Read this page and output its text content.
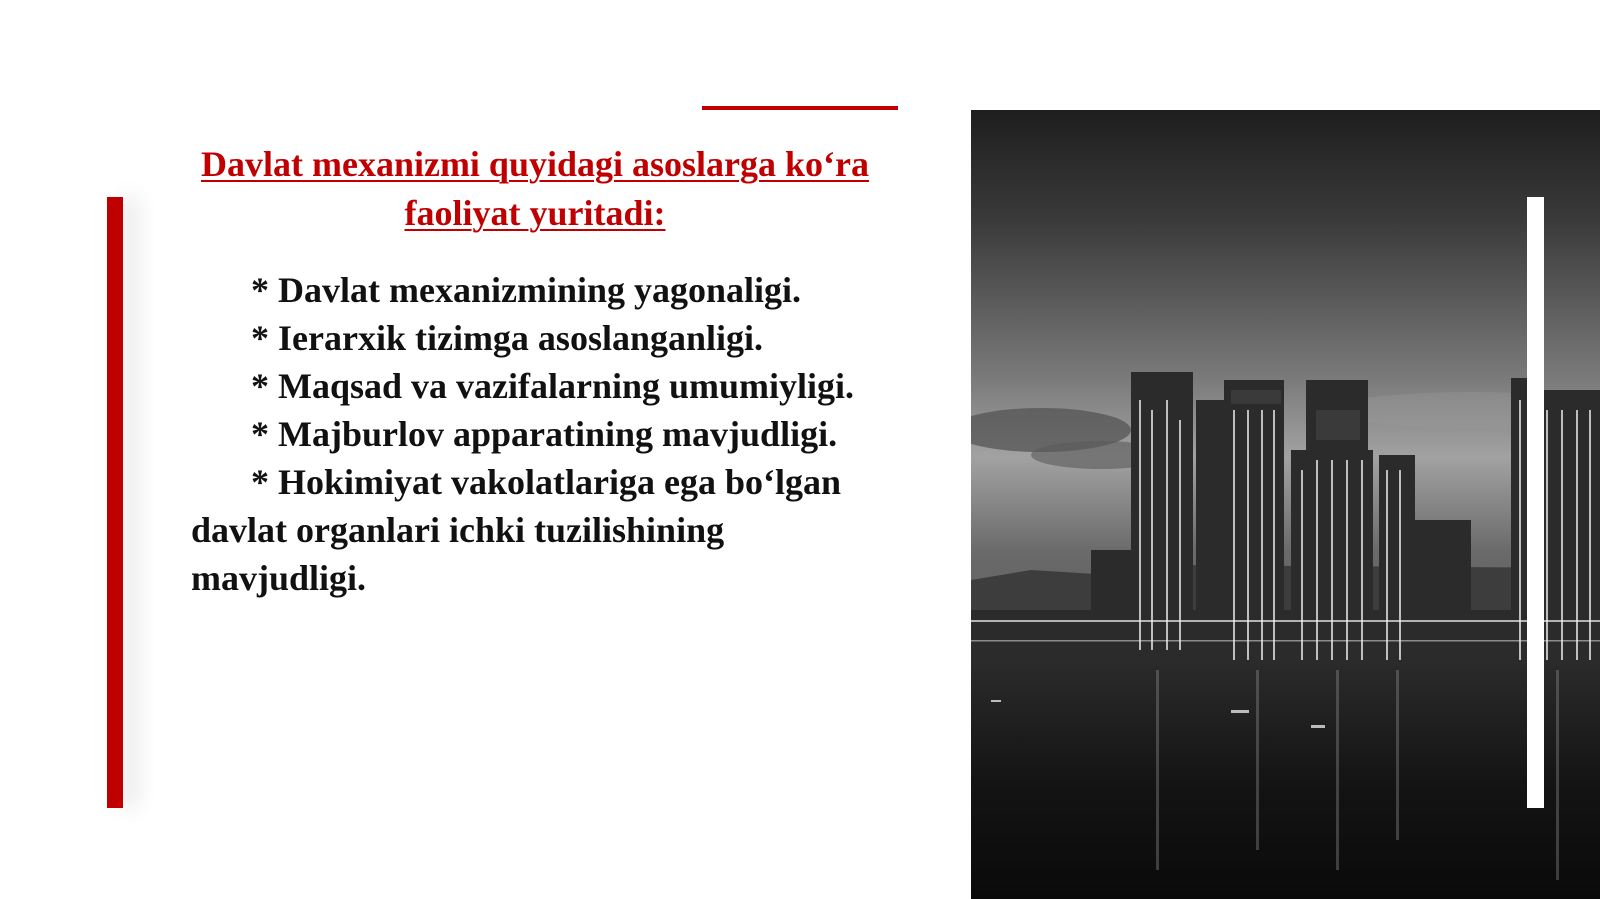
Davlat mexanizmi quyidagi asoslarga ko‘ra faoliyat yuritadi:
* Davlat mexanizmining yagonaligi.
* Ierarxik tizimga asoslanganligi.
* Maqsad va vazifalarning umumiyligi.
* Majburlov apparatining mavjudligi.
* Hokimiyat vakolatlariga ega bo‘lgan davlat organlari ichki tuzilishining mavjudligi.
